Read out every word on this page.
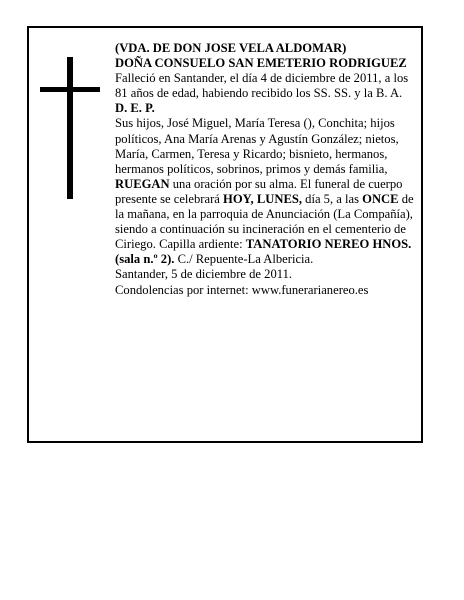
(VDA. DE DON JOSE VELA ALDOMAR)

DOÑA CONSUELO SAN EMETERIO RODRIGUEZ

Falleció en Santander, el día 4 de diciembre de 2011, a los 81 años de edad, habiendo recibido los SS. SS. y la B. A.

D. E. P.

Sus hijos, José Miguel, María Teresa (), Conchita; hijos políticos, Ana María Arenas y Agustín González; nietos, María, Carmen, Teresa y Ricardo; bisnieto, hermanos, hermanos políticos, sobrinos, primos y demás familia,

RUEGAN una oración por su alma. El funeral de cuerpo presente se celebrará HOY, LUNES, día 5, a las ONCE de la mañana, en la parroquia de Anunciación (La Compañía), siendo a continuación su incineración en el cementerio de Ciriego. Capilla ardiente: TANATORIO NEREO HNOS. (sala n.º 2). C./ Repuente-La Albericia.

Santander, 5 de diciembre de 2011.

Condolencias por internet: www.funerarianereo.es
